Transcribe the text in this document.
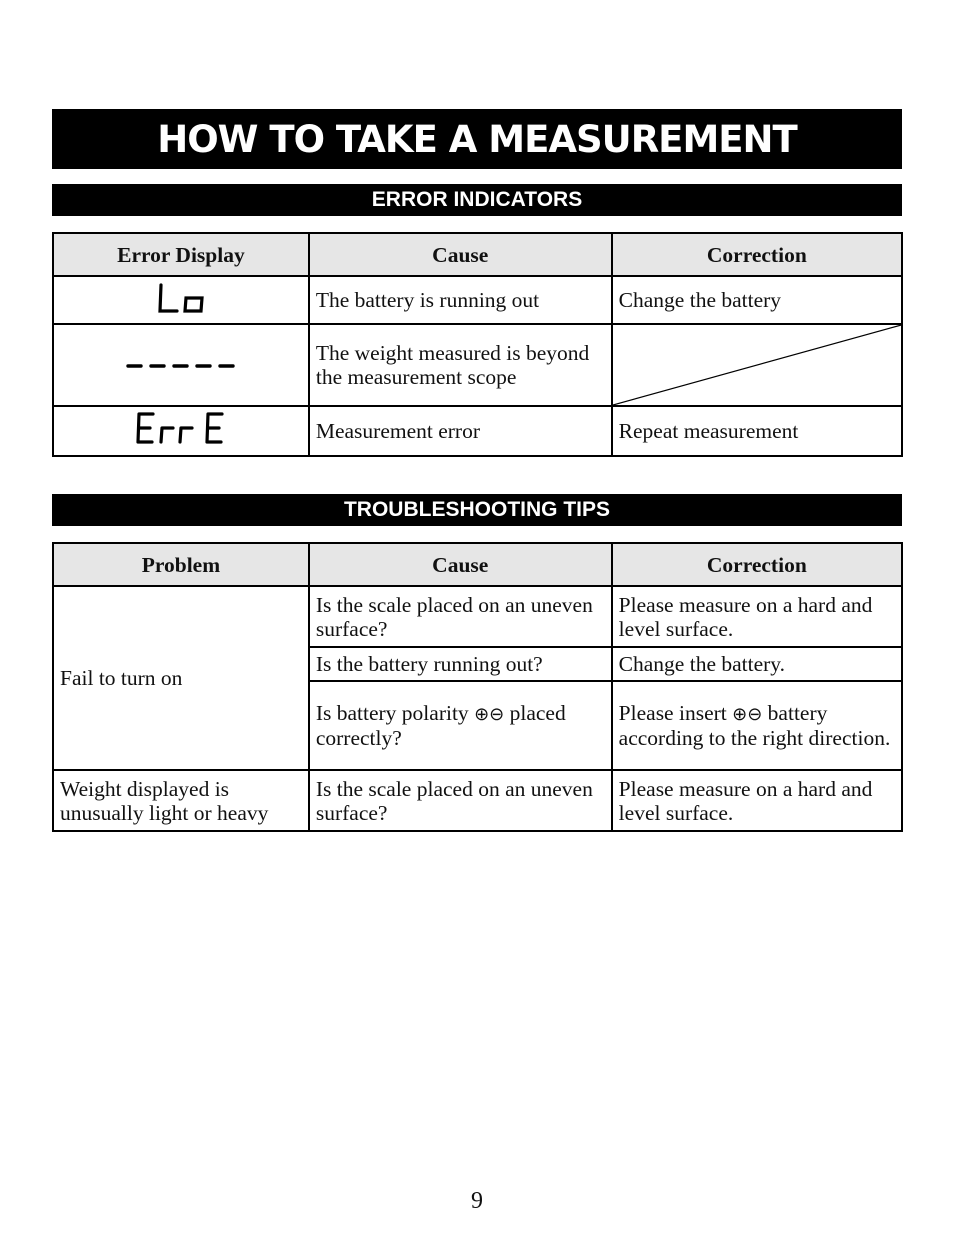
HOW TO TAKE A MEASUREMENT
ERROR INDICATORS
Error Display	Cause	Correction
	The battery is running out	Change the battery
	The weight measured is beyond the measurement scope	

	Measurement error	Repeat measurement
TROUBLESHOOTING TIPS
Problem	Cause	Correction
Fail to turn on	Is the scale placed on an uneven surface?	Please measure on a hard and level surface.
	Is the battery running out?	Change the battery.
	Is battery polarity ⊕⊖ placed correctly?	Please insert ⊕⊖ battery according to the right direction.
Weight displayed is unusually light or heavy	Is the scale placed on an uneven surface?	Please measure on a hard and level surface.
9
